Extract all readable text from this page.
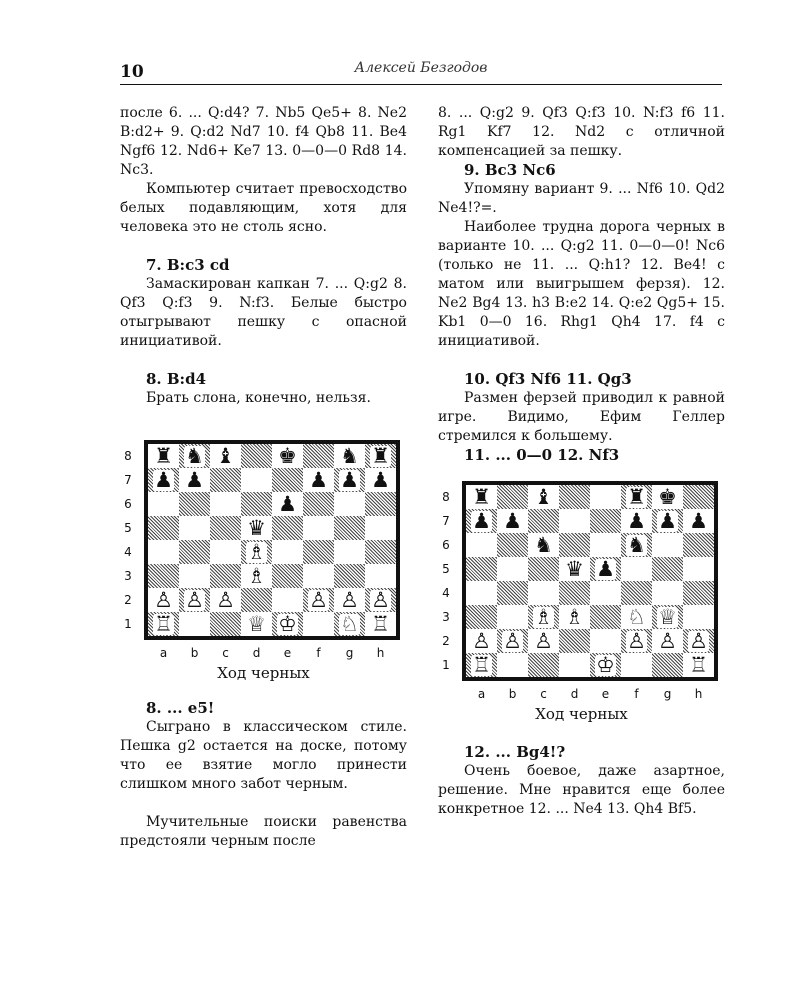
10	Алексей Безгодов

после 6. ... Q:d4? 7. Nb5 Qe5+ 8. Ne2 B:d2+ 9. Q:d2 Nd7 10. f4 Qb8 11. Be4 Ngf6 12. Nd6+ Ke7 13. 0—0—0 Rd8 14. Nc3.

Компьютер считает превосходство белых подавляющим, хотя для человека это не столь ясно.

7. B:c3 cd

Замаскирован капкан 7. ... Q:g2 8. Qf3 Q:f3 9. N:f3. Белые быстро отыгрывают пешку с опасной инициативой.

8. B:d4

Брать слона, конечно, нельзя.

♜ ♞ ♝ ♚ ♞ ♜
♟ ♟	♟ ♟ ♟
♟
♛
♗
♗
♙ ♙ ♙	♙ ♙ ♙
♖	♕ ♔ ♘ ♖
8
7
6
5
4
3
2
1
a	b	c	d	e	f	g	h
Ход черных

8. ... e5!

Сыграно в классическом стиле. Пешка g2 остается на доске, потому что ее взятие могло принести слишком много забот черным.

Мучительные поиски равенства предстояли черным после

8. ... Q:g2 9. Qf3 Q:f3 10. N:f3 f6 11. Rg1 Kf7 12. Nd2 с отличной компенсацией за пешку.

9. Bc3 Nc6

Упомяну вариант 9. ... Nf6 10. Qd2 Ne4!?=.

Наиболее трудна дорога черных в варианте 10. ... Q:g2 11. 0—0—0! Nc6 (только не 11. ... Q:h1? 12. Be4! с матом или выигрышем ферзя). 12. Ne2 Bg4 13. h3 B:e2 14. Q:e2 Qg5+ 15. Kb1 0—0 16. Rhg1 Qh4 17. f4 с инициативой.

10. Qf3 Nf6 11. Qg3

Размен ферзей приводил к равной игре. Видимо, Ефим Геллер стремился к большему.

11. ... 0—0 12. Nf3

♜ ♝	♜ ♚
♟ ♟	♟ ♟ ♟
♞	♞
♛ ♟
♗ ♗ ♘ ♕
♙ ♙ ♙	♙ ♙ ♙
♖	♔	♖
8
7
6
5
4
3
2
1
a	b	c	d	e	f	g	h
Ход черных

12. ... Bg4!?

Очень боевое, даже азартное, решение. Мне нравится еще более конкретное 12. ... Ne4 13. Qh4 Bf5.
